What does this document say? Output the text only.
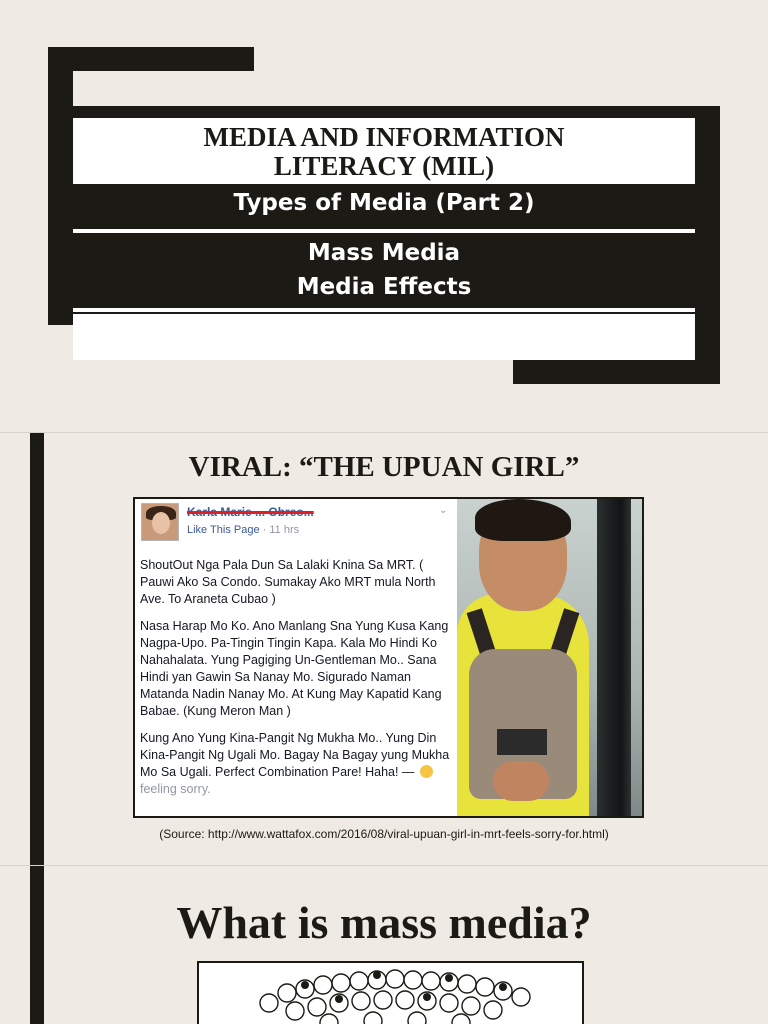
MEDIA AND INFORMATION
LITERACY (MIL)
Types of Media (Part 2)
Mass Media
Media Effects
VIRAL: “THE UPUAN GIRL”
Karla Marie ... Obreo...
Like This Page · 11 hrs
⌄

ShoutOut Nga Pala Dun Sa Lalaki Knina Sa MRT. ( Pauwi Ako Sa Condo. Sumakay Ako MRT mula North Ave. To Araneta Cubao )

Nasa Harap Mo Ko. Ano Manlang Sna Yung Kusa Kang Nagpa-Upo. Pa-Tingin Tingin Kapa. Kala Mo Hindi Ko Nahahalata. Yung Pagiging Un-Gentleman Mo.. Sana Hindi yan Gawin Sa Nanay Mo. Sigurado Naman Matanda Nadin Nanay Mo. At Kung May Kapatid Kang Babae. (Kung Meron Man )

Kung Ano Yung Kina-Pangit Ng Mukha Mo.. Yung Din Kina-Pangit Ng Ugali Mo. Bagay Na Bagay yung Mukha Mo Sa Ugali. Perfect Combination Pare! Haha! — feeling sorry.

(Source: http://www.wattafox.com/2016/08/viral-upuan-girl-in-mrt-feels-sorry-for.html)
What is mass media?
